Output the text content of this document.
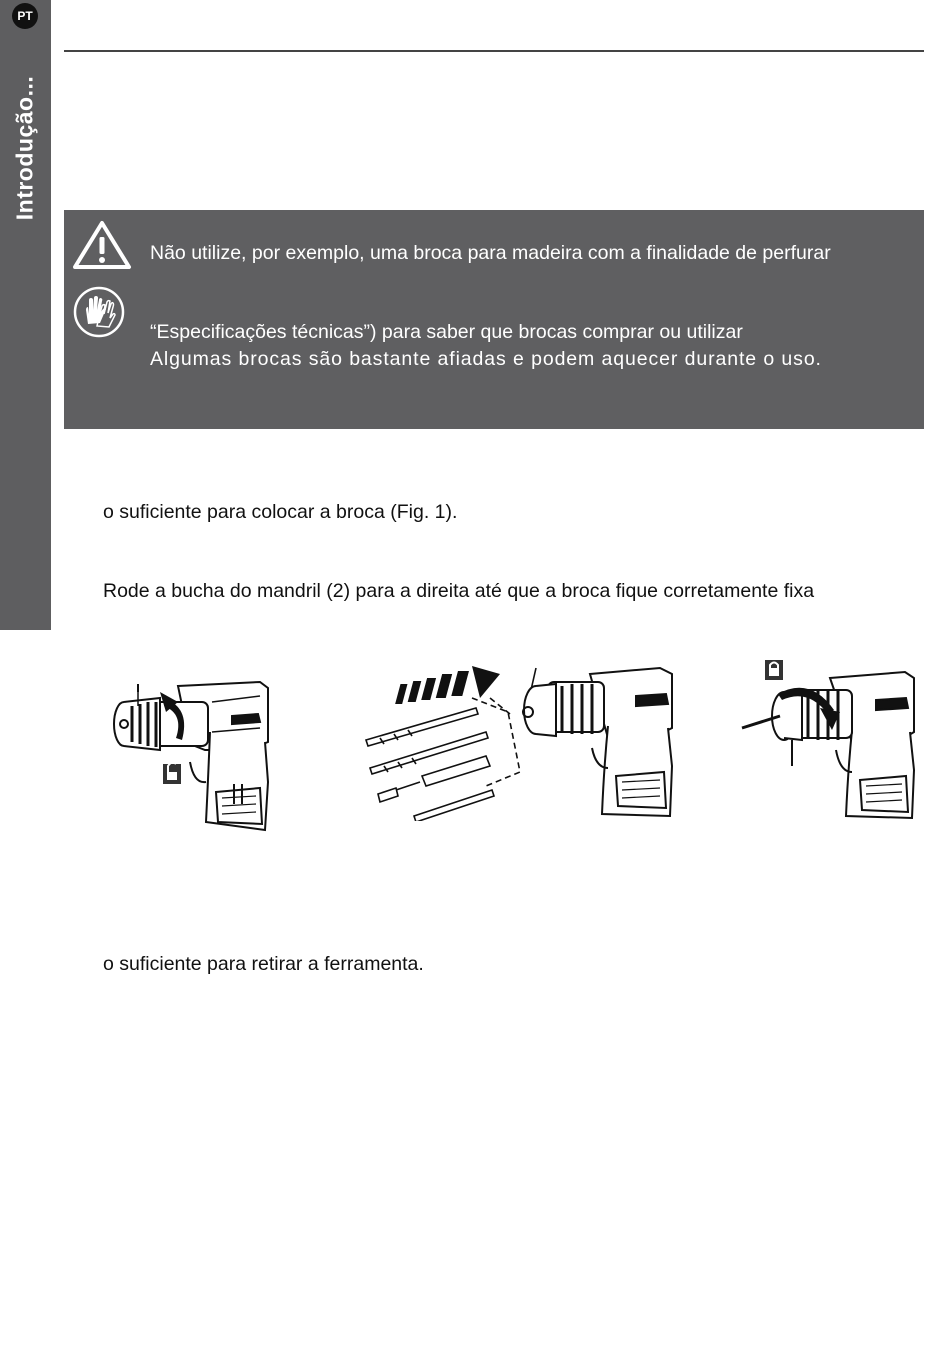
PT
Introdução...
Não utilize, por exemplo, uma broca para madeira com a finalidade de perfurar
“Especificações técnicas”) para saber que brocas comprar ou utilizar
Algumas brocas são bastante afiadas e podem aquecer durante o uso.
o suficiente para colocar a broca (Fig. 1).
Rode a bucha do mandril (2) para a direita até que a broca fique corretamente fixa
o suficiente para retirar a ferramenta.
